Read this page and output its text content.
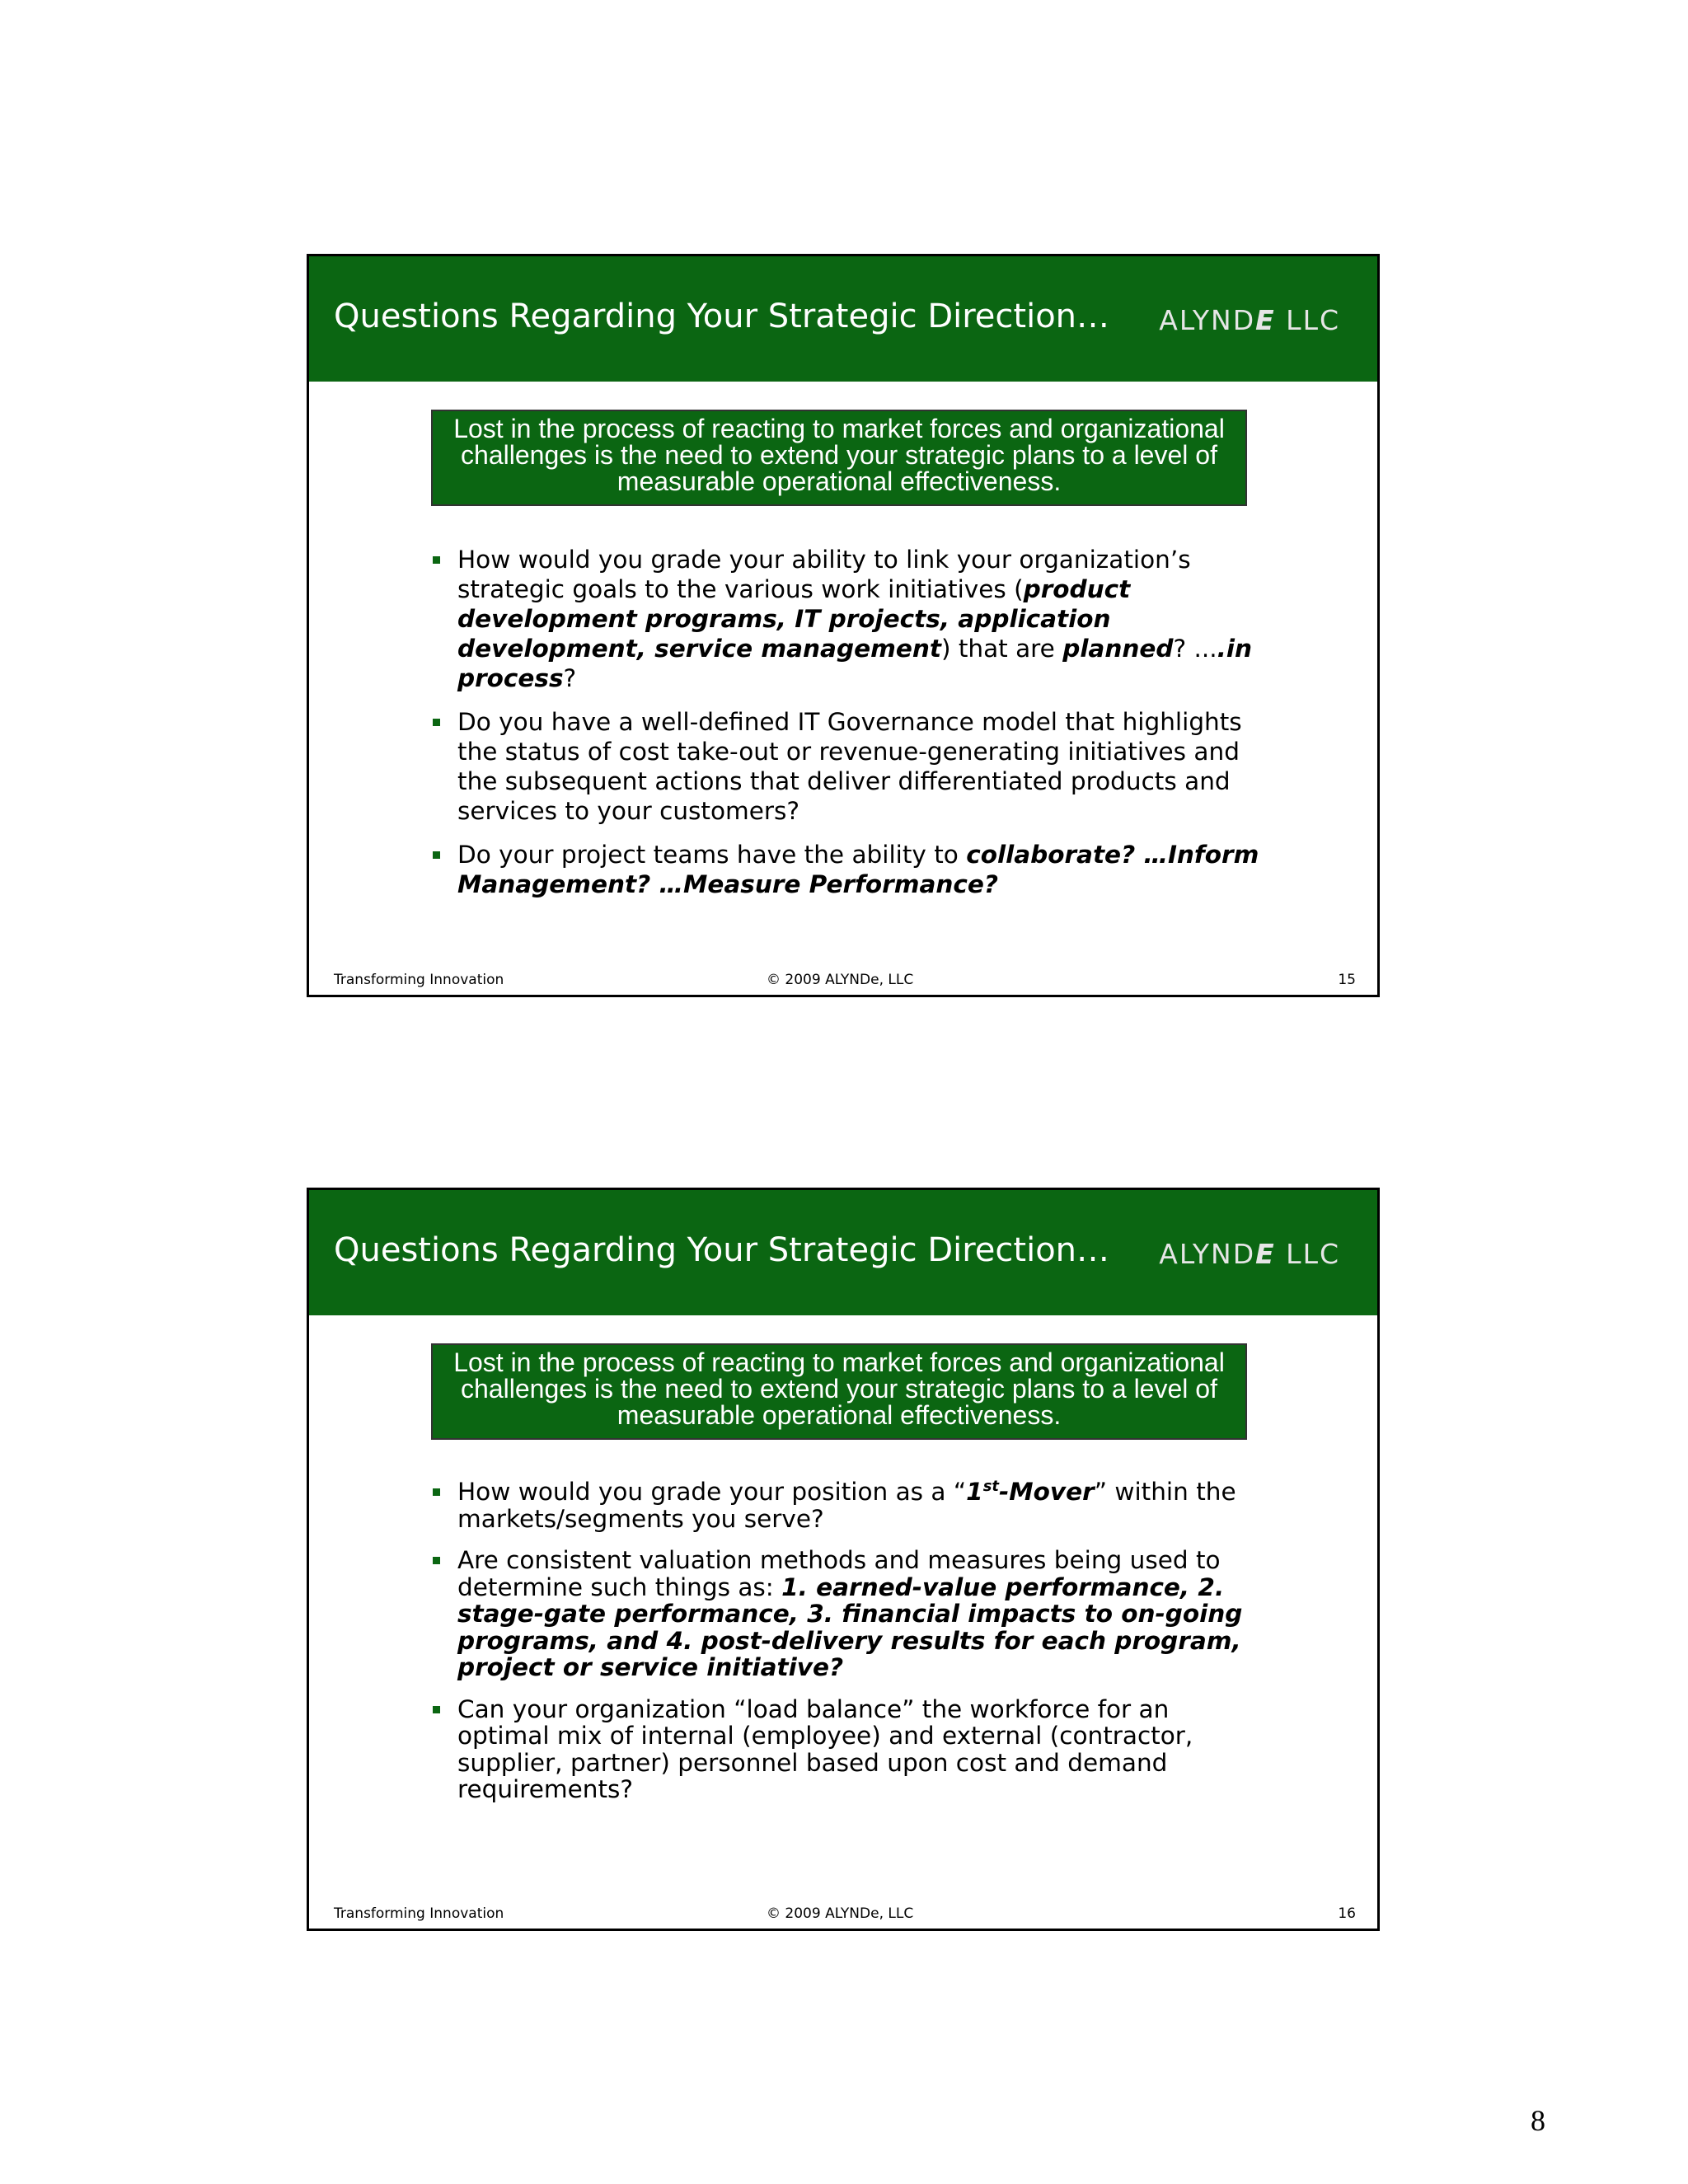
Questions Regarding Your Strategic Direction… ALYNDE LLC
Lost in the process of reacting to market forces and organizational challenges is the need to extend your strategic plans to a level of measurable operational effectiveness.
How would you grade your ability to link your organization’s strategic goals to the various work initiatives (product development programs, IT projects, application development, service management) that are planned? ....in process?
Do you have a well-defined IT Governance model that highlights the status of cost take-out or revenue-generating initiatives and the subsequent actions that deliver differentiated products and services to your customers?
Do your project teams have the ability to collaborate? …Inform Management? …Measure Performance?
Transforming Innovation	© 2009 ALYNDe, LLC	15
Questions Regarding Your Strategic Direction… ALYNDE LLC
Lost in the process of reacting to market forces and organizational challenges is the need to extend your strategic plans to a level of measurable operational effectiveness.
How would you grade your position as a “1st-Mover” within the markets/segments you serve?
Are consistent valuation methods and measures being used to determine such things as: 1. earned-value performance, 2. stage-gate performance, 3. financial impacts to on-going programs, and 4. post-delivery results for each program, project or service initiative?
Can your organization “load balance” the workforce for an optimal mix of internal (employee) and external (contractor, supplier, partner) personnel based upon cost and demand requirements?
Transforming Innovation	© 2009 ALYNDe, LLC	16
8
